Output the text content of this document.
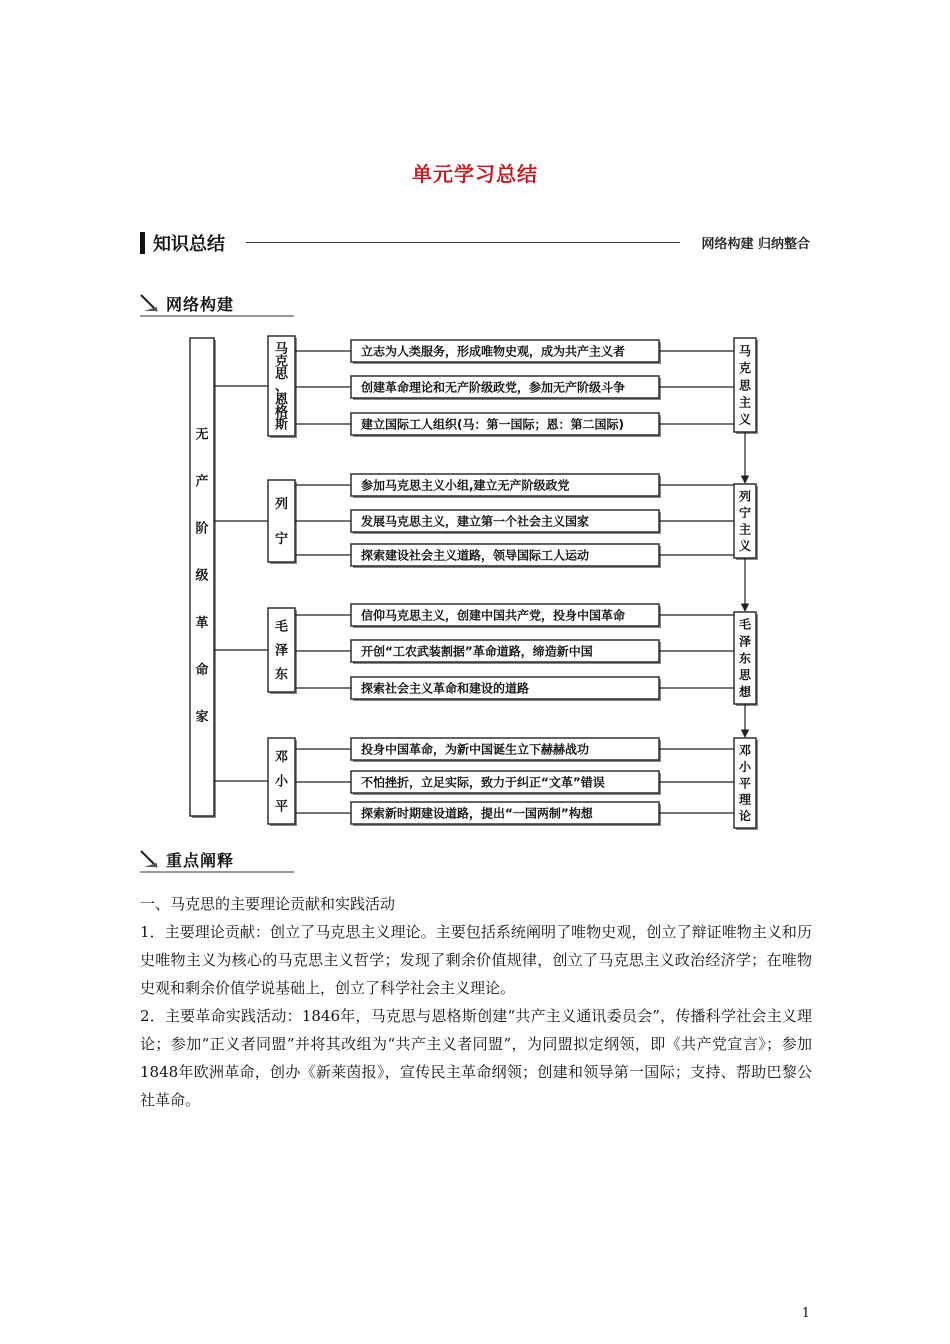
单元学习总结
知识总结	网络构建 归纳整合
网络构建
无
产
阶
级
革
命
家
马
克
思
、
恩
格
斯
立志为人类服务，形成唯物史观，成为共产主义者
创建革命理论和无产阶级政党，参加无产阶级斗争
建立国际工人组织(马：第一国际；恩：第二国际)
马
克
思
主
义
列
宁
参加马克思主义小组,建立无产阶级政党
发展马克思主义，建立第一个社会主义国家
探索建设社会主义道路，领导国际工人运动
列
宁
主
义
毛
泽
东
信仰马克思主义，创建中国共产党，投身中国革命
开创“工农武装割据”革命道路，缔造新中国
探索社会主义革命和建设的道路
毛
泽
东
思
想
邓
小
平
投身中国革命，为新中国诞生立下赫赫战功
不怕挫折，立足实际，致力于纠正“文革”错误
探索新时期建设道路，提出“一国两制”构想
邓
小
平
理
论
重点阐释

一、马克思的主要理论贡献和实践活动

1．主要理论贡献：创立了马克思主义理论。主要包括系统阐明了唯物史观，创立了辩证唯物主义和历史唯物主义为核心的马克思主义哲学；发现了剩余价值规律，创立了马克思主义政治经济学；在唯物史观和剩余价值学说基础上，创立了科学社会主义理论。

2．主要革命实践活动：1846年，马克思与恩格斯创建“共产主义通讯委员会”，传播科学社会主义理论；参加“正义者同盟”并将其改组为“共产主义者同盟”，为同盟拟定纲领，即《共产党宣言》；参加1848年欧洲革命，创办《新莱茵报》，宣传民主革命纲领；创建和领导第一国际；支持、帮助巴黎公社革命。

1
